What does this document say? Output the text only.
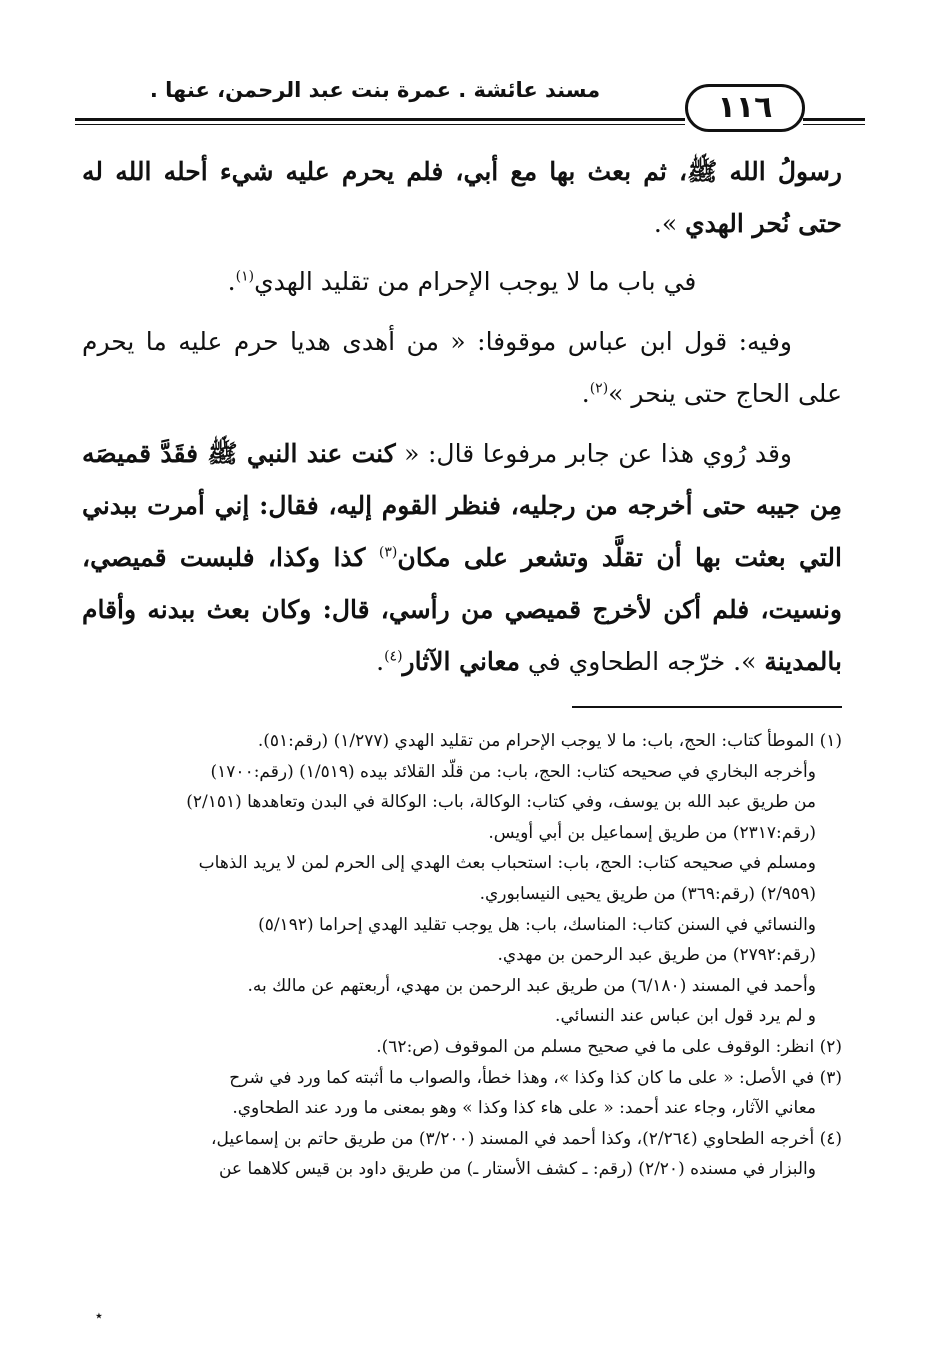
مسند عائشة . عمرة بنت عبد الرحمن، عنها .	١١٦

رسولُ الله ﷺ، ثم بعث بها مع أبي، فلم يحرم عليه شيء أحله الله له حتى نُحر الهدي ».

في باب ما لا يوجب الإحرام من تقليد الهدي$^{(١)}$.

وفيه: قول ابن عباس موقوفا: « من أهدى هديا حرم عليه ما يحرم على الحاج حتى ينحر »$^{(٢)}$.

وقد رُوي هذا عن جابر مرفوعا قال: « كنت عند النبي ﷺ فقَدَّ قميصَه مِن جيبه حتى أخرجه من رجليه، فنظر القوم إليه، فقال: إني أمرت ببدني التي بعثت بها أن تقلَّد وتشعر على مكان$^{(٣)}$ كذا وكذا، فلبست قميصي، ونسيت، فلم أكن لأخرج قميصي من رأسي، قال: وكان بعث ببدنه وأقام بالمدينة ». خرّجه الطحاوي في معاني الآثار$^{(٤)}$.

(١) الموطأ كتاب: الحج، باب: ما لا يوجب الإحرام من تقليد الهدي (١/٢٧٧) (رقم:٥١).

وأخرجه البخاري في صحيحه كتاب: الحج، باب: من قلّد القلائد بيده (١/٥١٩) (رقم:١٧٠٠)

من طريق عبد الله بن يوسف، وفي كتاب: الوكالة، باب: الوكالة في البدن وتعاهدها (٢/١٥١)

(رقم:٢٣١٧) من طريق إسماعيل بن أبي أويس.

ومسلم في صحيحه كتاب: الحج، باب: استحباب بعث الهدي إلى الحرم لمن لا يريد الذهاب

(٢/٩٥٩) (رقم:٣٦٩) من طريق يحيى النيسابوري.

والنسائي في السنن كتاب: المناسك، باب: هل يوجب تقليد الهدي إحراما (٥/١٩٢)

(رقم:٢٧٩٢) من طريق عبد الرحمن بن مهدي.

وأحمد في المسند (٦/١٨٠) من طريق عبد الرحمن بن مهدي، أربعتهم عن مالك به.

و لم يرد قول ابن عباس عند النسائي.

(٢) انظر: الوقوف على ما في صحيح مسلم من الموقوف (ص:٦٢).

(٣) في الأصل: « على ما كان كذا وكذا »، وهذا خطأ، والصواب ما أثبته كما ورد في شرح

معاني الآثار، وجاء عند أحمد: « على هاء كذا وكذا » وهو بمعنى ما ورد عند الطحاوي.

(٤) أخرجه الطحاوي (٢/٢٦٤)، وكذا أحمد في المسند (٣/٢٠٠) من طريق حاتم بن إسماعيل،

والبزار في مسنده (٢/٢٠) (رقم: ـ كشف الأستار ـ) من طريق داود بن قيس كلاهما عن

٭
